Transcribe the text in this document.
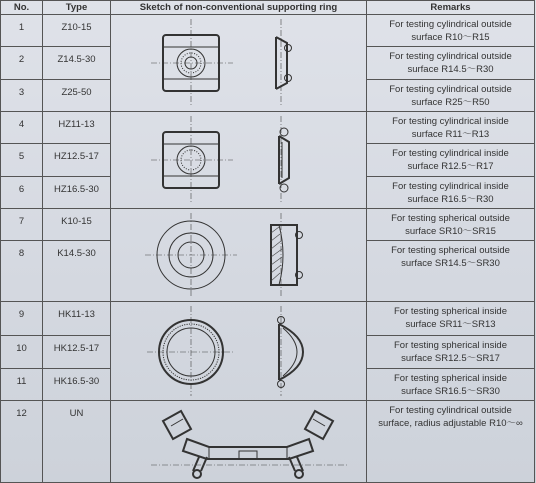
No.	Type	Sketch of non-conventional supporting ring	Remarks
1	Z10-15		For testing cylindrical outside
surface R10～R15

2	Z14.5-30		For testing cylindrical outside
surface R14.5～R30

3	Z25-50		For testing cylindrical outside
surface R25～R50

4	HZ11-13		For testing cylindrical inside
surface R11～R13

5	HZ12.5-17		For testing cylindrical inside
surface R12.5～R17

6	HZ16.5-30		For testing cylindrical inside
surface R16.5～R30

7	K10-15		For testing spherical outside
surface SR10～SR15

8	K14.5-30		For testing spherical outside
surface SR14.5～SR30

9	HK11-13		For testing spherical inside
surface SR11～SR13

10	HK12.5-17		For testing spherical inside
surface SR12.5～SR17

11	HK16.5-30		For testing spherical inside
surface SR16.5～SR30

12	UN		For testing cylindrical outside
surface, radius adjustable R10～∞
